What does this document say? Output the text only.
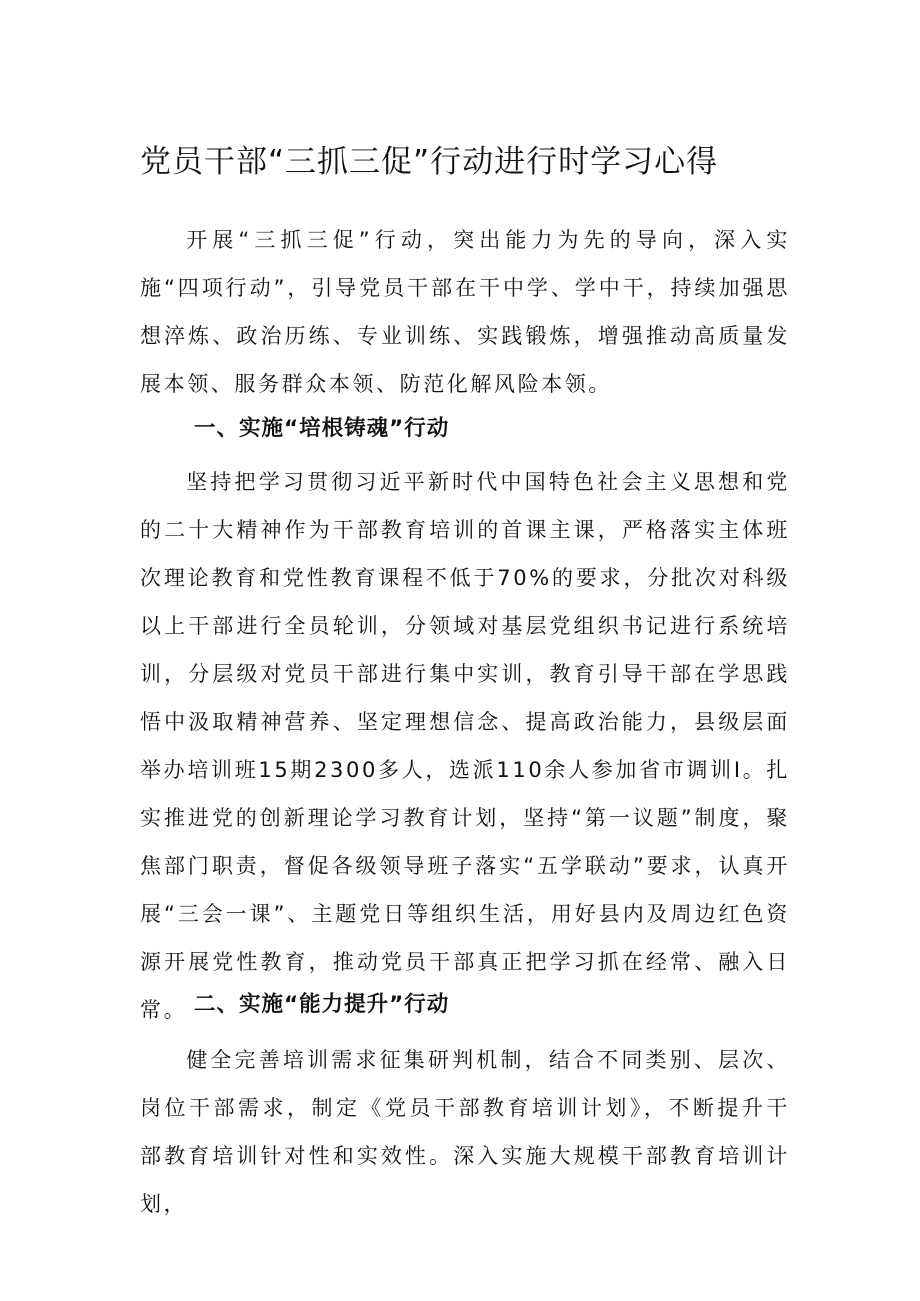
党员干部“三抓三促”行动进行时学习心得

开展“三抓三促”行动，突出能力为先的导向，深入实施“四项行动”，引导党员干部在干中学、学中干，持续加强思想淬炼、政治历练、专业训练、实践锻炼，增强推动高质量发展本领、服务群众本领、防范化解风险本领。

一、实施“培根铸魂”行动

坚持把学习贯彻习近平新时代中国特色社会主义思想和党的二十大精神作为干部教育培训的首课主课，严格落实主体班次理论教育和党性教育课程不低于70%的要求，分批次对科级以上干部进行全员轮训，分领域对基层党组织书记进行系统培训，分层级对党员干部进行集中实训，教育引导干部在学思践悟中汲取精神营养、坚定理想信念、提高政治能力，县级层面举办培训班15期2300多人，选派110余人参加省市调训I。扎实推进党的创新理论学习教育计划，坚持“第一议题”制度，聚焦部门职责，督促各级领导班子落实“五学联动”要求，认真开展“三会一课”、主题党日等组织生活，用好县内及周边红色资源开展党性教育，推动党员干部真正把学习抓在经常、融入日常。 二、实施“能力提升”行动

健全完善培训需求征集研判机制，结合不同类别、层次、岗位干部需求，制定《党员干部教育培训计划》，不断提升干部教育培训针对性和实效性。深入实施大规模干部教育培训计划，
